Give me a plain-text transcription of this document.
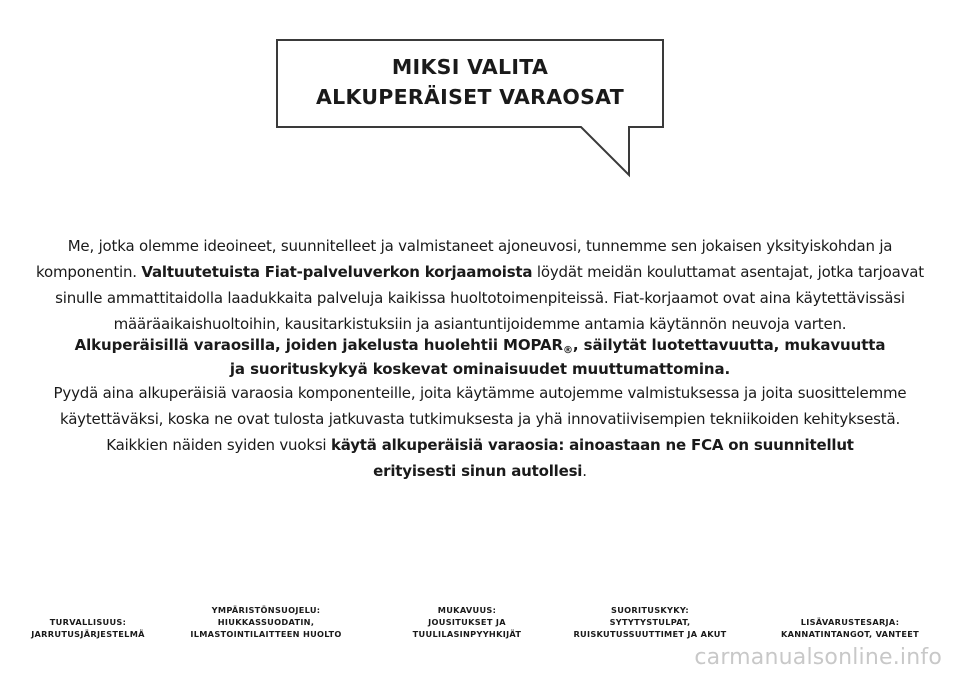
MIKSI VALITA
ALKUPERÄISET VARAOSAT
Me, jotka olemme ideoineet, suunnitelleet ja valmistaneet ajoneuvosi, tunnemme sen jokaisen yksityiskohdan ja
komponentin. Valtuutetuista Fiat-palveluverkon korjaamoista löydät meidän kouluttamat asentajat, jotka tarjoavat
sinulle ammattitaidolla laadukkaita palveluja kaikissa huoltotoimenpiteissä. Fiat-korjaamot ovat aina käytettävissäsi
määräaikaishuoltoihin, kausitarkistuksiin ja asiantuntijoidemme antamia käytännön neuvoja varten.
Alkuperäisillä varaosilla, joiden jakelusta huolehtii $MOPAR_®$, säilytät luotettavuutta, mukavuutta
ja suorituskykyä koskevat ominaisuudet muuttumattomina.
Pyydä aina alkuperäisiä varaosia komponenteille, joita käytämme autojemme valmistuksessa ja joita suosittelemme
käytettäväksi, koska ne ovat tulosta jatkuvasta tutkimuksesta ja yhä innovatiivisempien tekniikoiden kehityksestä.
Kaikkien näiden syiden vuoksi käytä alkuperäisiä varaosia: ainoastaan ne FCA on suunnitellut
erityisesti sinun autollesi.
TURVALLISUUS:
JARRUTUSJÄRJESTELMÄ
YMPÄRISTÖNSUOJELU:
HIUKKASSUODATIN,
ILMASTOINTILAITTEEN HUOLTO
MUKAVUUS:
JOUSITUKSET JA
TUULILASINPYYHKIJÄT
SUORITUSKYKY:
SYTYTYSTULPAT,
RUISKUTUSSUUTTIMET JA AKUT
LISÄVARUSTESARJA:
KANNATINTANGOT, VANTEET
carmanualsonline.info
